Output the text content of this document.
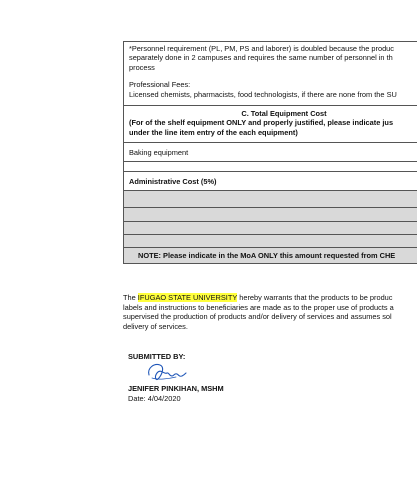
*Personnel requirement (PL, PM, PS and laborer) is doubled because the produc

separately done in 2 campuses and requires the same number of personnel in th

process

Professional Fees:

Licensed chemists, pharmacists, food technologists, if there are none from the SU

C. Total Equipment Cost

(For of the shelf equipment ONLY and properly justified, please indicate jus

under the line item entry of the each equipment)

Baking equipment

Administrative Cost (5%)

NOTE: Please indicate in the MoA ONLY this amount requested from CHE

The IFUGAO STATE UNIVERSITY hereby warrants that the products to be produc

labels and instructions to beneficiaries are made as to the proper use of products a

supervised the production of products and/or delivery of services and assumes sol

delivery of services.

SUBMITTED BY:
JENIFER PINKIHAN, MSHM
Date: 4/04/2020
